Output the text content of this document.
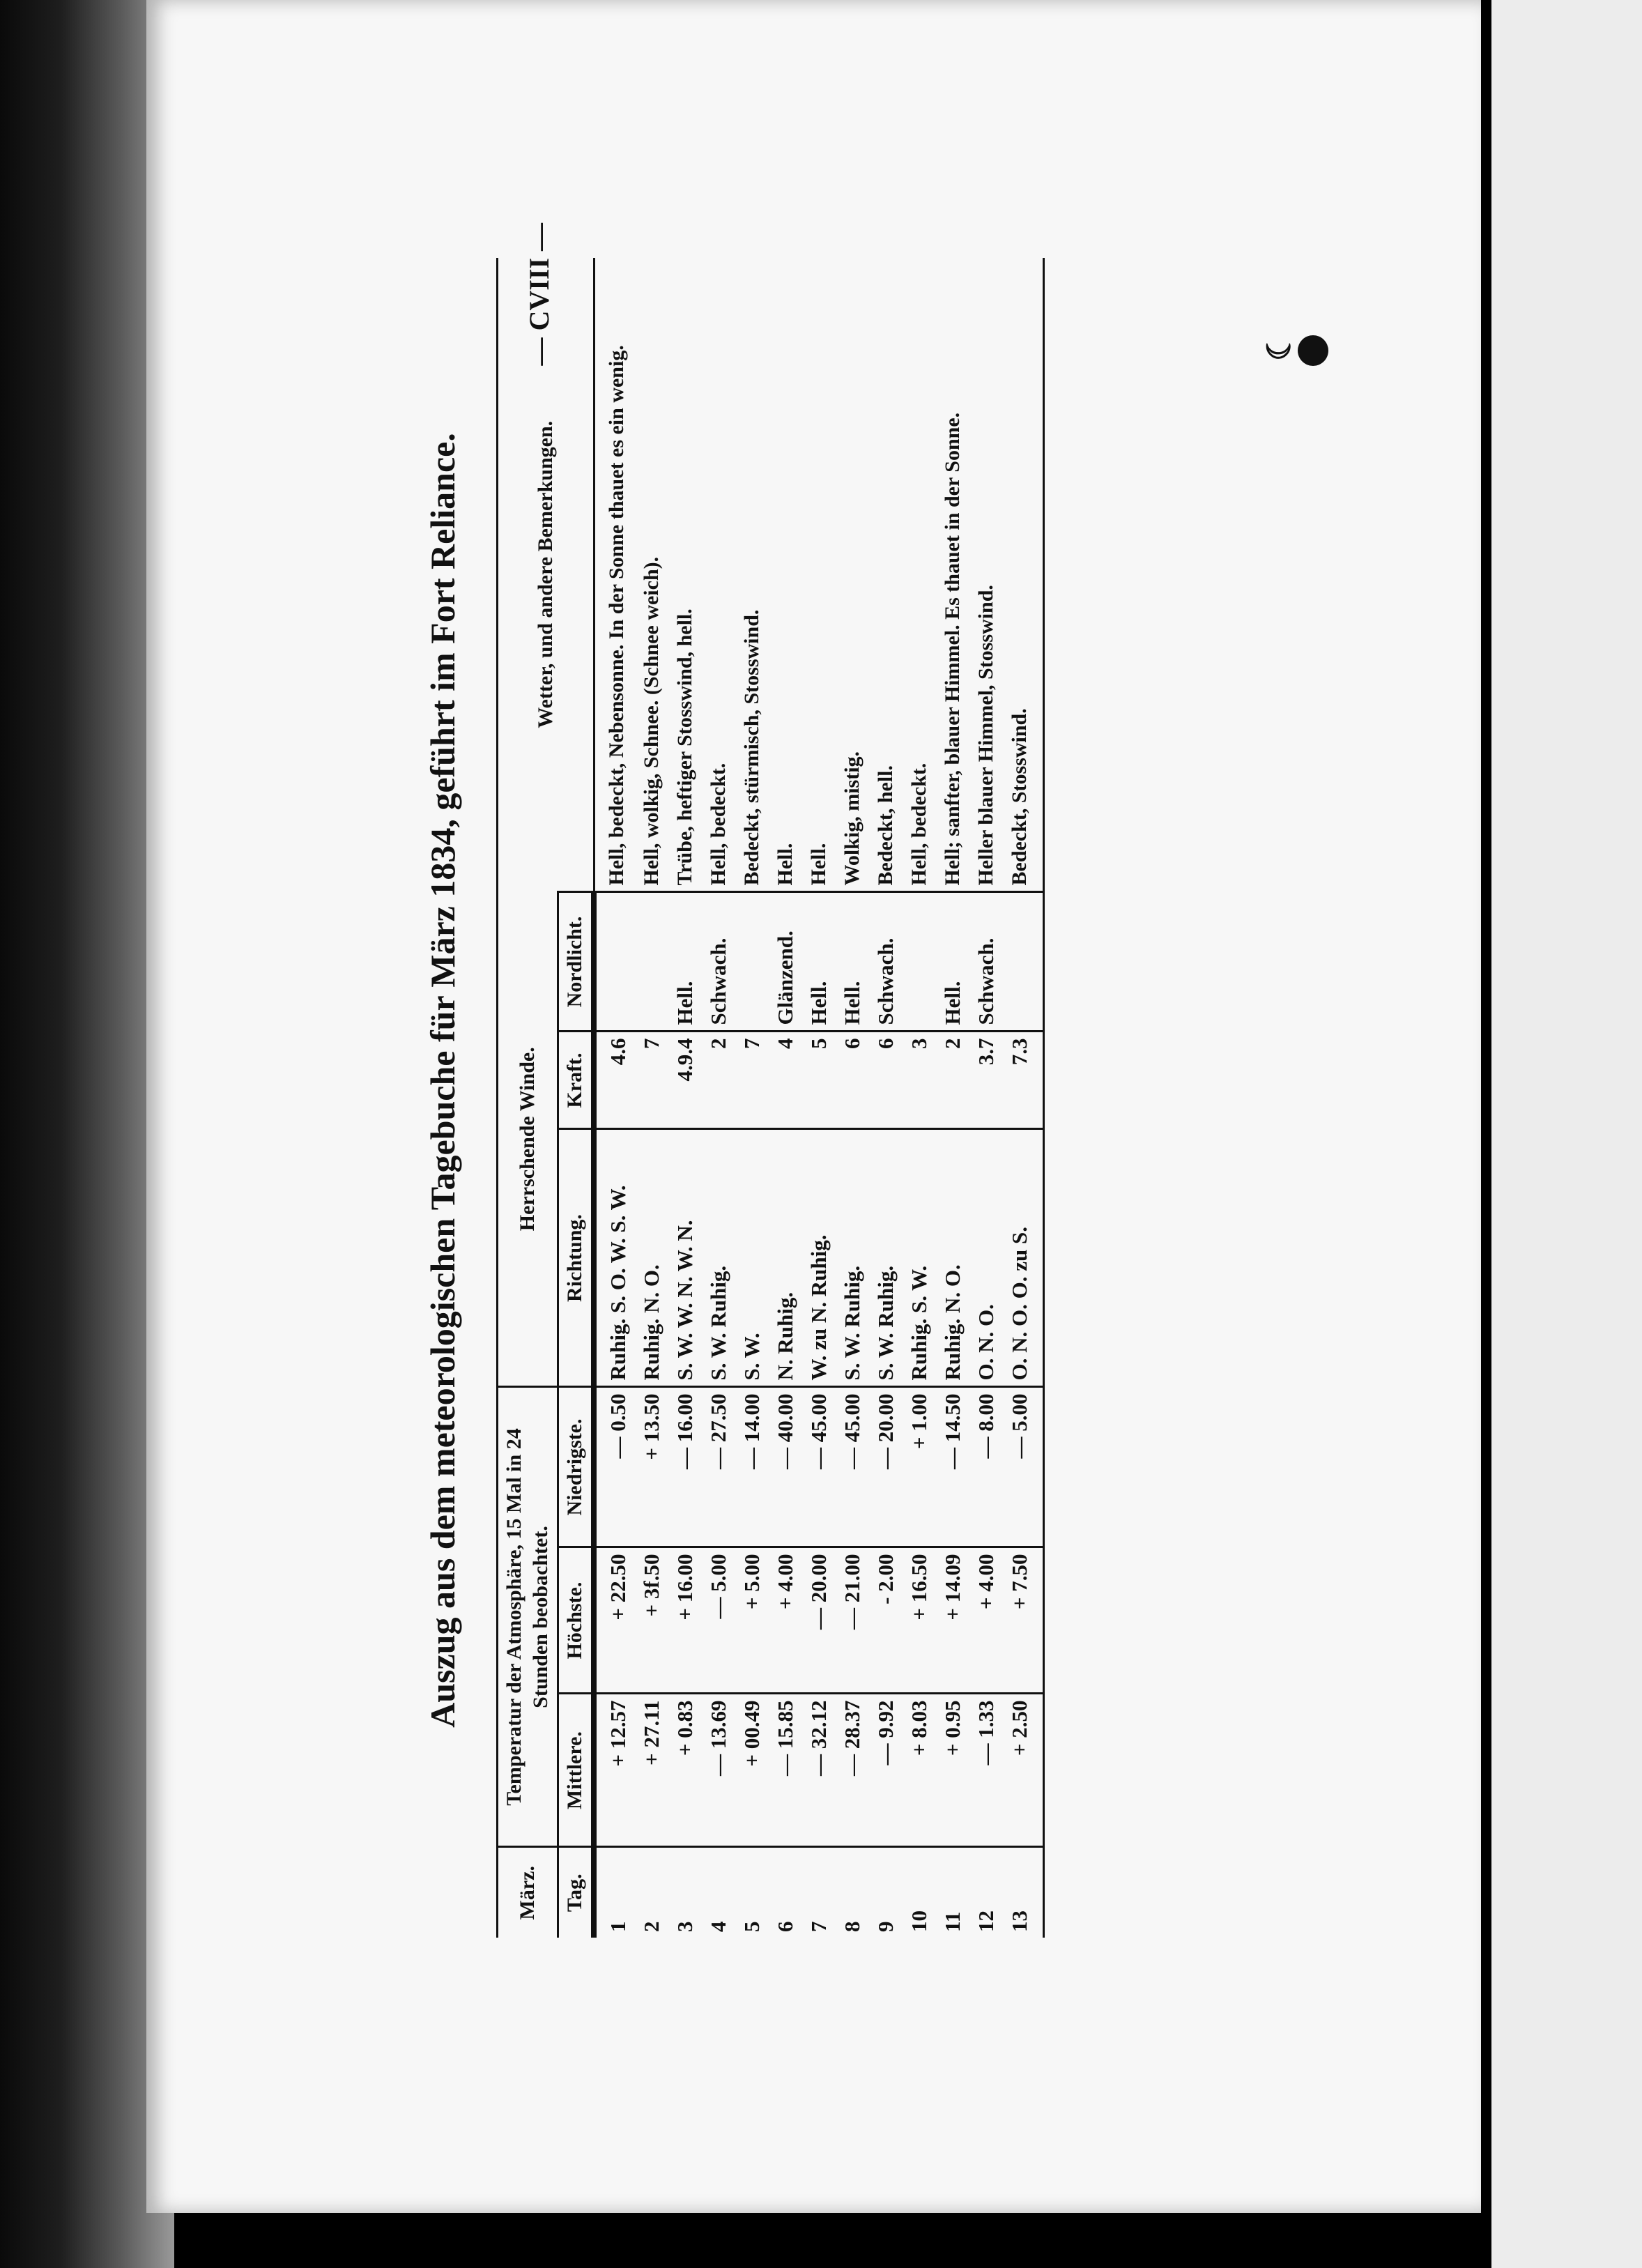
Auszug aus dem meteorologischen Tagebuche für März 1834, geführt im Fort Reliance.
— CVIII —
März.	Temperatur der Atmosphäre, 15 Mal in 24 Stunden beobachtet.			Herrschende Winde.			Wetter, und andere Bemerkungen.
Tag.	Mittlere.	Höchste.	Niedrigste.	Richtung.	Kraft.	Nordlicht.	
1	+ 12.57	+ 22.50	— 0.50	Ruhig. S. O. W. S. W.	4.6		Hell, bedeckt, Nebensonne. In der Sonne thauet es ein wenig.
2	+ 27.11	+ 3f.50	+ 13.50	Ruhig. N. O.	7		Hell, wolkig, Schnee. (Schnee weich).
3	+ 0.83	+ 16.00	— 16.00	S. W. W. N. W. N.	4.9.4	Hell.	Trübe, heftiger Stosswind, hell.
4	— 13.69	— 5.00	— 27.50	S. W. Ruhig.	2	Schwach.	Hell, bedeckt.
5	+ 00.49	+ 5.00	— 14.00	S. W.	7		Bedeckt, stürmisch, Stosswind.
6	— 15.85	+ 4.00	— 40.00	N. Ruhig.	4	Glänzend.	Hell.
7	— 32.12	— 20.00	— 45.00	W. zu N. Ruhig.	5	Hell.	Hell.
8	— 28.37	— 21.00	— 45.00	S. W. Ruhig.	6	Hell.	Wolkig, mistig.
9	— 9.92	- 2.00	— 20.00	S. W. Ruhig.	6	Schwach.	Bedeckt, hell.
10	+ 8.03	+ 16.50	+ 1.00	Ruhig. S. W.	3		Hell, bedeckt.
11	+ 0.95	+ 14.09	— 14.50	Ruhig. N. O.	2	Hell.	Hell; sanfter, blauer Himmel. Es thauet in der Sonne.
12	— 1.33	+ 4.00	— 8.00	O. N. O.	3.7	Schwach.	Heller blauer Himmel, Stosswind.
13	+ 2.50	+ 7.50	— 5.00	O. N. O. O. zu S.	7.3		Bedeckt, Stosswind.
☾
